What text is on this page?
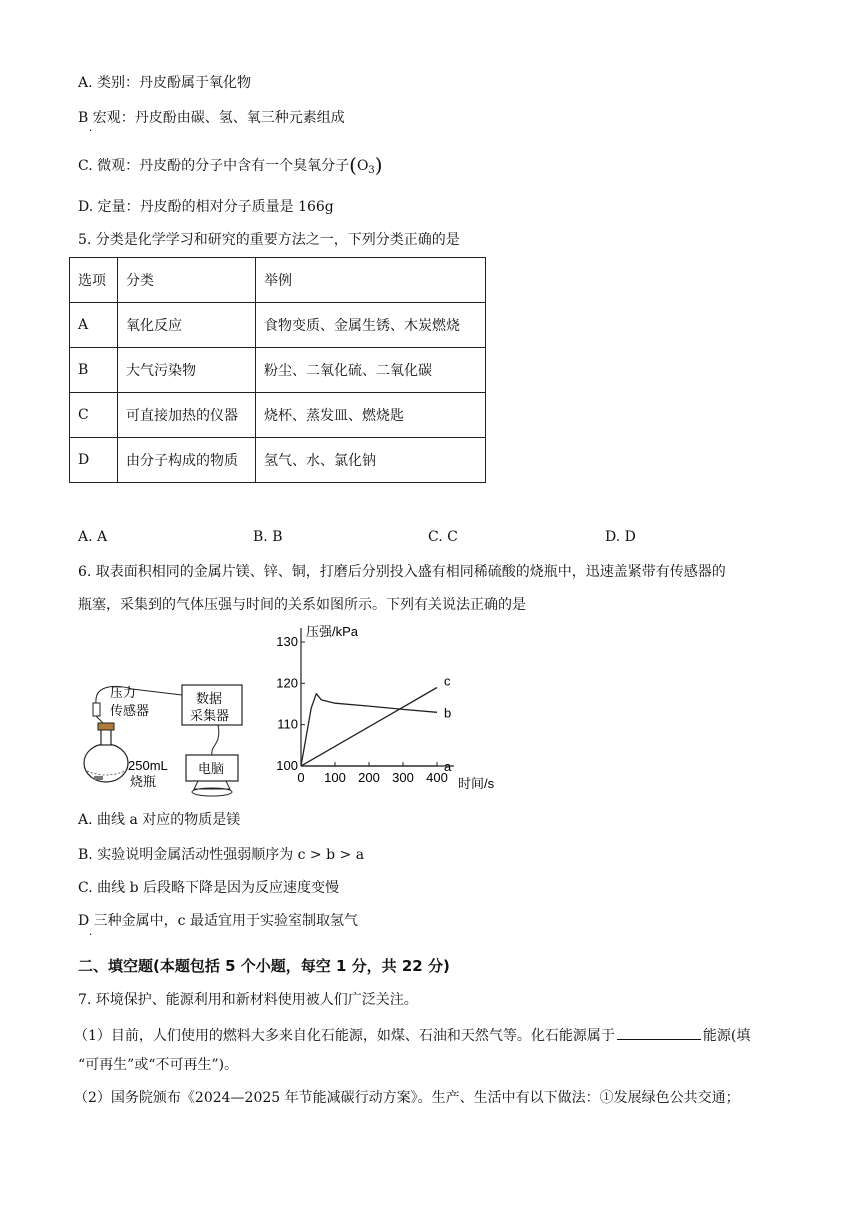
A. 类别：丹皮酚属于氧化物
B 宏观：丹皮酚由碳、氢、氧三种元素组成
·
C. 微观：丹皮酚的分子中含有一个臭氧分子$(O_3)$
D. 定量：丹皮酚的相对分子质量是 166g
5. 分类是化学学习和研究的重要方法之一，下列分类正确的是
选项	分类	举例
A	氧化反应	食物变质、金属生锈、木炭燃烧
B	大气污染物	粉尘、二氧化硫、二氧化碳
C	可直接加热的仪器	烧杯、蒸发皿、燃烧匙
D	由分子构成的物质	氢气、水、氯化钠
A. A	B. B	C. C	D. D
6. 取表面积相同的金属片镁、锌、铜，打磨后分别投入盛有相同稀硫酸的烧瓶中，迅速盖紧带有传感器的
瓶塞，采集到的气体压强与时间的关系如图所示。下列有关说法正确的是
压力
传感器
250mL
烧瓶
数据
采集器
电脑	a
b
c
100
110
120
130
0 100 200 300 400
压强/kPa
时间/s
A. 曲线 a 对应的物质是镁
B. 实验说明金属活动性强弱顺序为 c > b > a
C. 曲线 b 后段略下降是因为反应速度变慢
D 三种金属中，c 最适宜用于实验室制取氢气
·
二、填空题(本题包括 5 个小题，每空 1 分，共 22 分)
7. 环境保护、能源利用和新材料使用被人们广泛关注。
（1）目前，人们使用的燃料大多来自化石能源，如煤、石油和天然气等。化石能源属于	能源(填
“可再生”或“不可再生”)。
（2）国务院颁布《2024—2025 年节能减碳行动方案》。生产、生活中有以下做法：①发展绿色公共交通；
